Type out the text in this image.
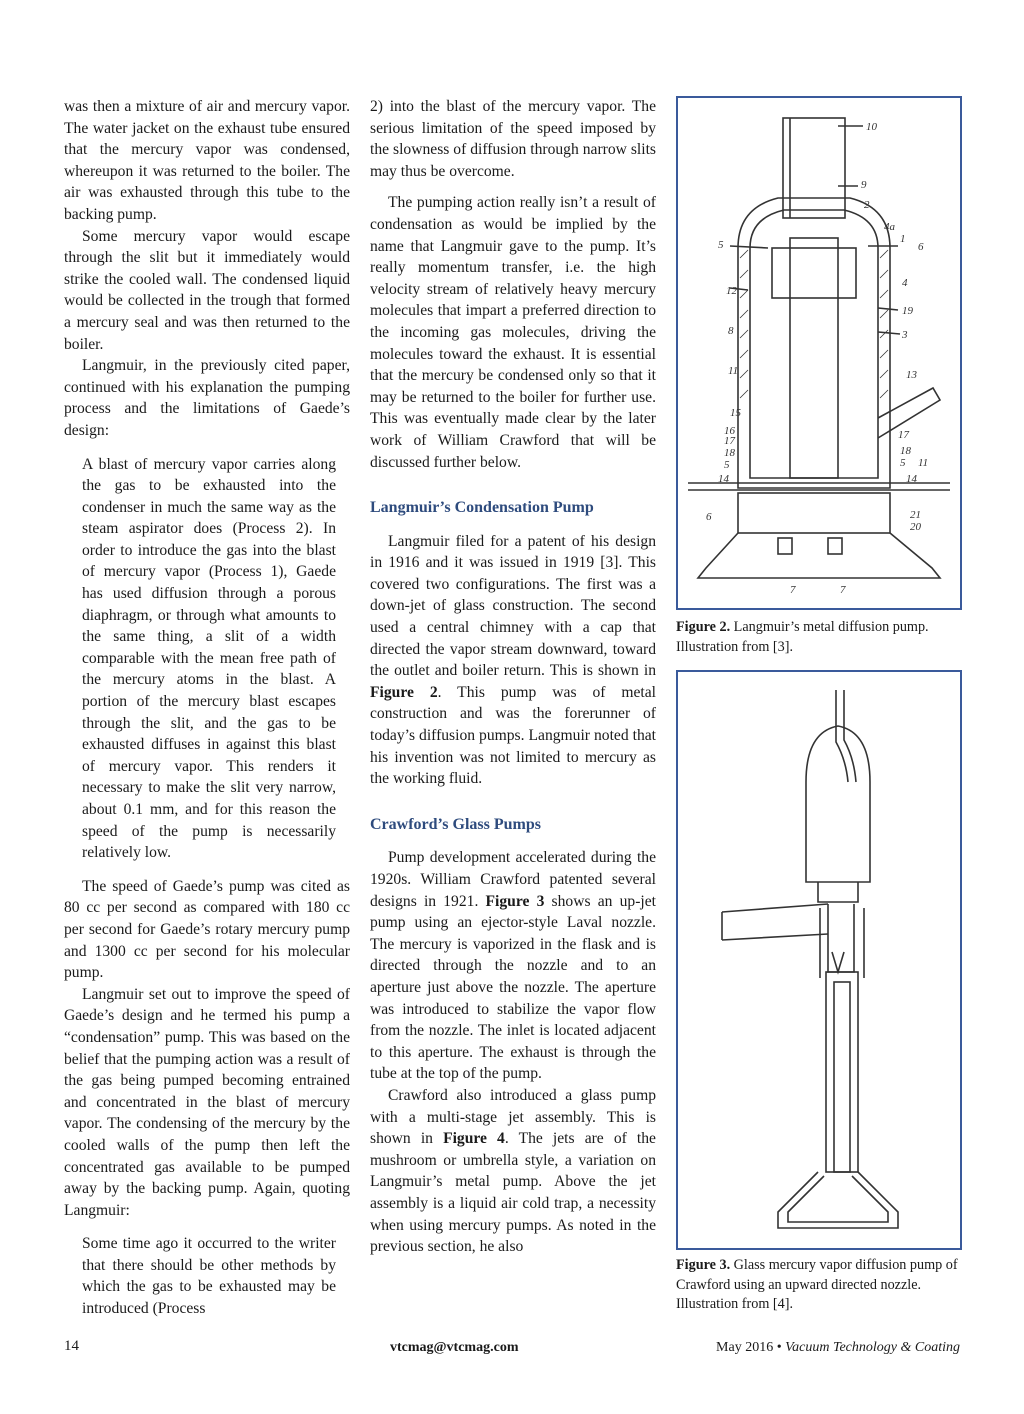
was then a mixture of air and mercury vapor. The water jacket on the exhaust tube ensured that the mercury vapor was condensed, whereupon it was returned to the boiler. The air was exhausted through this tube to the backing pump.

Some mercury vapor would escape through the slit but it immediately would strike the cooled wall. The condensed liquid would be collected in the trough that formed a mercury seal and was then returned to the boiler.

Langmuir, in the previously cited paper, continued with his explanation the pumping process and the limitations of Gaede’s design:

A blast of mercury vapor carries along the gas to be exhausted into the condenser in much the same way as the steam aspirator does (Process 2). In order to introduce the gas into the blast of mercury vapor (Process 1), Gaede has used diffusion through a porous diaphragm, or through what amounts to the same thing, a slit of a width comparable with the mean free path of the mercury atoms in the blast. A portion of the mercury blast escapes through the slit, and the gas to be exhausted diffuses in against this blast of mercury vapor. This renders it necessary to make the slit very narrow, about 0.1 mm, and for this reason the speed of the pump is necessarily relatively low.

The speed of Gaede’s pump was cited as 80 cc per second as compared with 180 cc per second for Gaede’s rotary mercury pump and 1300 cc per second for his molecular pump.

Langmuir set out to improve the speed of Gaede’s design and he termed his pump a “condensation” pump. This was based on the belief that the pumping action was a result of the gas being pumped becoming entrained and concentrated in the blast of mercury vapor. The condensing of the mercury by the cooled walls of the pump then left the concentrated gas available to be pumped away by the backing pump. Again, quoting Langmuir:

Some time ago it occurred to the writer that there should be other methods by which the gas to be exhausted may be introduced (Process

2) into the blast of the mercury vapor. The serious limitation of the speed imposed by the slowness of diffusion through narrow slits may thus be overcome.

The pumping action really isn’t a result of condensation as would be implied by the name that Langmuir gave to the pump. It’s really momentum transfer, i.e. the high velocity stream of relatively heavy mercury molecules that impart a preferred direction to the incoming gas molecules, driving the molecules toward the exhaust. It is essential that the mercury be condensed only so that it may be returned to the boiler for further use. This was eventually made clear by the later work of William Crawford that will be discussed further below.

Langmuir’s Condensation Pump

Langmuir filed for a patent of his design in 1916 and it was issued in 1919 [3]. This covered two configurations. The first was a down-jet of glass construction. The second used a central chimney with a cap that directed the vapor stream downward, toward the outlet and boiler return. This is shown in Figure 2. This pump was of metal construction and was the forerunner of today’s diffusion pumps. Langmuir noted that his invention was not limited to mercury as the working fluid.

Crawford’s Glass Pumps

Pump development accelerated during the 1920s. William Crawford patented several designs in 1921. Figure 3 shows an up-jet pump using an ejector-style Laval nozzle. The mercury is vaporized in the flask and is directed through the nozzle and to an aperture just above the nozzle. The aperture was introduced to stabilize the vapor flow from the nozzle. The inlet is located adjacent to this aperture. The exhaust is through the tube at the top of the pump.

Crawford also introduced a glass pump with a multi-stage jet assembly. This is shown in Figure 4. The jets are of the mushroom or umbrella style, a variation on Langmuir’s metal pump. Above the jet assembly is a liquid air cold trap, a necessity when using mercury pumps. As noted in the previous section, he also

10
9
2
4a
1
6
5
4
12
19
8	3
11	13
15
16
17
18
5
17
18
5 11
14	14
21
20
6
7	7
Figure 2. Langmuir’s metal diffusion pump. Illustration from [3].
Figure 3. Glass mercury vapor diffusion pump of Crawford using an upward directed nozzle. Illustration from [4].
14	vtcmag@vtcmag.com	May 2016 • Vacuum Technology & Coating
